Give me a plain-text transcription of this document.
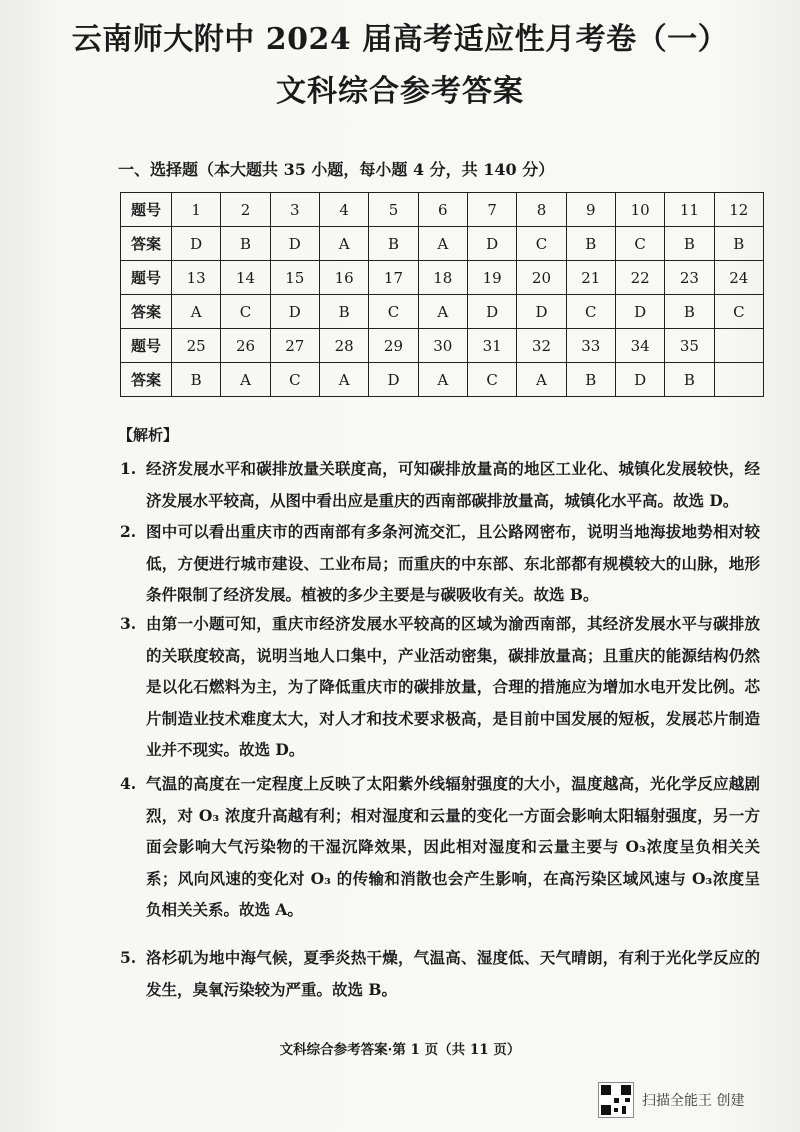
云南师大附中 2024 届高考适应性月考卷（一）
文科综合参考答案
一、选择题（本大题共 35 小题，每小题 4 分，共 140 分）
题号	1	2	3	4	5	6	7	8	9	10	11	12
答案	D	B	D	A	B	A	D	C	B	C	B	B
题号	13	14	15	16	17	18	19	20	21	22	23	24
答案	A	C	D	B	C	A	D	D	C	D	B	C
题号	25	26	27	28	29	30	31	32	33	34	35	
答案	B	A	C	A	D	A	C	A	B	D	B	
【解析】
1. 经济发展水平和碳排放量关联度高，可知碳排放量高的地区工业化、城镇化发展较快，经济发展水平较高，从图中看出应是重庆的西南部碳排放量高，城镇化水平高。故选 D。
2. 图中可以看出重庆市的西南部有多条河流交汇，且公路网密布，说明当地海拔地势相对较低，方便进行城市建设、工业布局；而重庆的中东部、东北部都有规模较大的山脉，地形条件限制了经济发展。植被的多少主要是与碳吸收有关。故选 B。
3. 由第一小题可知，重庆市经济发展水平较高的区域为渝西南部，其经济发展水平与碳排放的关联度较高，说明当地人口集中，产业活动密集，碳排放量高；且重庆的能源结构仍然是以化石燃料为主，为了降低重庆市的碳排放量，合理的措施应为增加水电开发比例。芯片制造业技术难度太大，对人才和技术要求极高，是目前中国发展的短板，发展芯片制造业并不现实。故选 D。
4. 气温的高度在一定程度上反映了太阳紫外线辐射强度的大小，温度越高，光化学反应越剧烈，对 O₃ 浓度升高越有利；相对湿度和云量的变化一方面会影响太阳辐射强度，另一方面会影响大气污染物的干湿沉降效果，因此相对湿度和云量主要与 O₃浓度呈负相关关系；风向风速的变化对 O₃ 的传输和消散也会产生影响，在高污染区域风速与 O₃浓度呈负相关关系。故选 A。
5. 洛杉矶为地中海气候，夏季炎热干燥，气温高、湿度低、天气晴朗，有利于光化学反应的发生，臭氧污染较为严重。故选 B。
文科综合参考答案·第 1 页（共 11 页）
扫描全能王 创建
